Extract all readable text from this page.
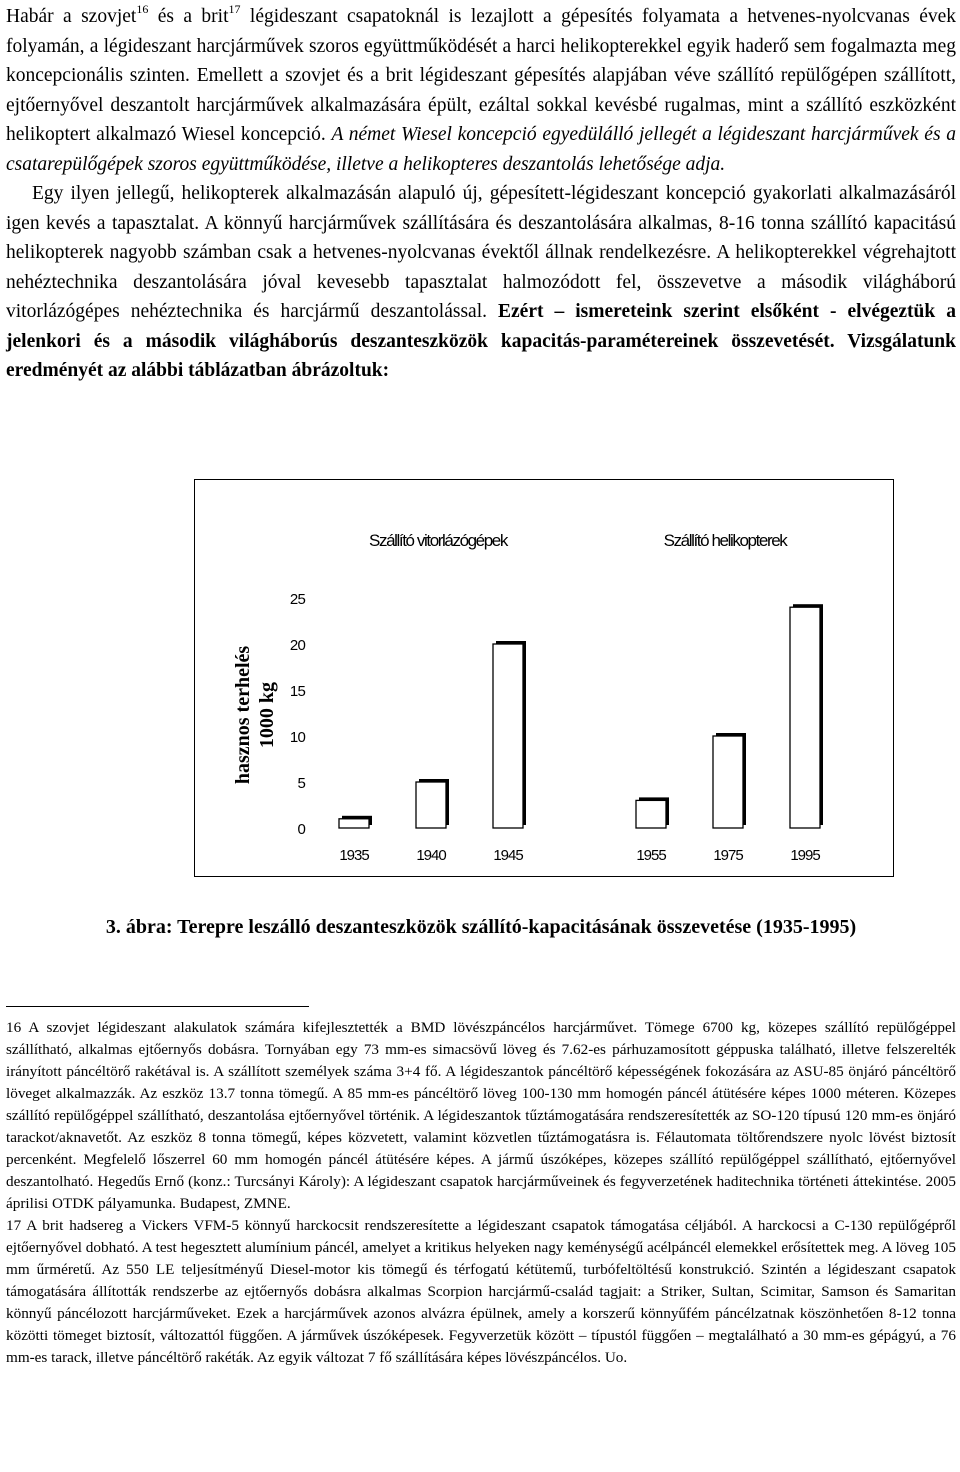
Habár a szovjet$^{16}$ és a brit$^{17}$ légideszant csapatoknál is lezajlott a gépesítés folyamata a hetvenes-nyolcvanas évek folyamán, a légideszant harcjárművek szoros együttműködését a harci helikopterekkel egyik haderő sem fogalmazta meg koncepcionális szinten. Emellett a szovjet és a brit légideszant gépesítés alapjában véve szállító repülőgépen szállított, ejtőernyővel deszantolt harcjárművek alkalmazására épült, ezáltal sokkal kevésbé rugalmas, mint a szállító eszközként helikoptert alkalmazó Wiesel koncepció. A német Wiesel koncepció egyedülálló jellegét a légideszant harcjárművek és a csatarepülőgépek szoros együttműködése, illetve a helikopteres deszantolás lehetősége adja.

Egy ilyen jellegű, helikopterek alkalmazásán alapuló új, gépesített-légideszant koncepció gyakorlati alkalmazásáról igen kevés a tapasztalat. A könnyű harcjárművek szállítására és deszantolására alkalmas, 8-16 tonna szállító kapacitású helikopterek nagyobb számban csak a hetvenes-nyolcvanas évektől állnak rendelkezésre. A helikopterekkel végrehajtott nehéztechnika deszantolására jóval kevesebb tapasztalat halmozódott fel, összevetve a második világháború vitorlázógépes nehéztechnika és harcjármű deszantolással. Ezért – ismereteink szerint elsőként - elvégeztük a jelenkori és a második világháborús deszanteszközök kapacitás-paramétereinek összevetését. Vizsgálatunk eredményét az alábbi táblázatban ábrázoltuk:

Szállító vitorlázógépek	Szállító helikopterek
0
5
10
15
20
25
hasznos terhelés 1000 kg
1935	1940	1945	1955	1975	1995

3. ábra: Terepre leszálló deszanteszközök szállító-kapacitásának összevetése (1935-1995)

16 A szovjet légideszant alakulatok számára kifejlesztették a BMD lövészpáncélos harcjárművet. Tömege 6700 kg, közepes szállító repülőgéppel szállítható, alkalmas ejtőernyős dobásra. Tornyában egy 73 mm-es simacsövű löveg és 7.62-es párhuzamosított géppuska található, illetve felszerelték irányított páncéltörő rakétával is. A szállított személyek száma 3+4 fő. A légideszantok páncéltörő képességének fokozására az ASU-85 önjáró páncéltörő löveget alkalmazzák. Az eszköz 13.7 tonna tömegű. A 85 mm-es páncéltörő löveg 100-130 mm homogén páncél átütésére képes 1000 méteren. Közepes szállító repülőgéppel szállítható, deszantolása ejtőernyővel történik. A légideszantok tűztámogatására rendszeresítették az SO-120 típusú 120 mm-es önjáró tarackot/aknavetőt. Az eszköz 8 tonna tömegű, képes közvetett, valamint közvetlen tűztámogatásra is. Félautomata töltőrendszere nyolc lövést biztosít percenként. Megfelelő lőszerrel 60 mm homogén páncél átütésére képes. A jármű úszóképes, közepes szállító repülőgéppel szállítható, ejtőernyővel deszantolható. Hegedűs Ernő (konz.: Turcsányi Károly): A légideszant csapatok harcjárműveinek és fegyverzetének haditechnika történeti áttekintése. 2005 áprilisi OTDK pályamunka. Budapest, ZMNE.

17 A brit hadsereg a Vickers VFM-5 könnyű harckocsit rendszeresítette a légideszant csapatok támogatása céljából. A harckocsi a C-130 repülőgépről ejtőernyővel dobható. A test hegesztett alumínium páncél, amelyet a kritikus helyeken nagy keménységű acélpáncél elemekkel erősítettek meg. A löveg 105 mm űrméretű. Az 550 LE teljesítményű Diesel-motor kis tömegű és térfogatú kétütemű, turbófeltöltésű konstrukció. Szintén a légideszant csapatok támogatására állították rendszerbe az ejtőernyős dobásra alkalmas Scorpion harcjármű-család tagjait: a Striker, Sultan, Scimitar, Samson és Samaritan könnyű páncélozott harcjárműveket. Ezek a harcjárművek azonos alvázra épülnek, amely a korszerű könnyűfém páncélzatnak köszönhetően 8-12 tonna közötti tömeget biztosít, változattól függően. A járművek úszóképesek. Fegyverzetük között – típustól függően – megtalálható a 30 mm-es gépágyú, a 76 mm-es tarack, illetve páncéltörő rakéták. Az egyik változat 7 fő szállítására képes lövészpáncélos. Uo.
